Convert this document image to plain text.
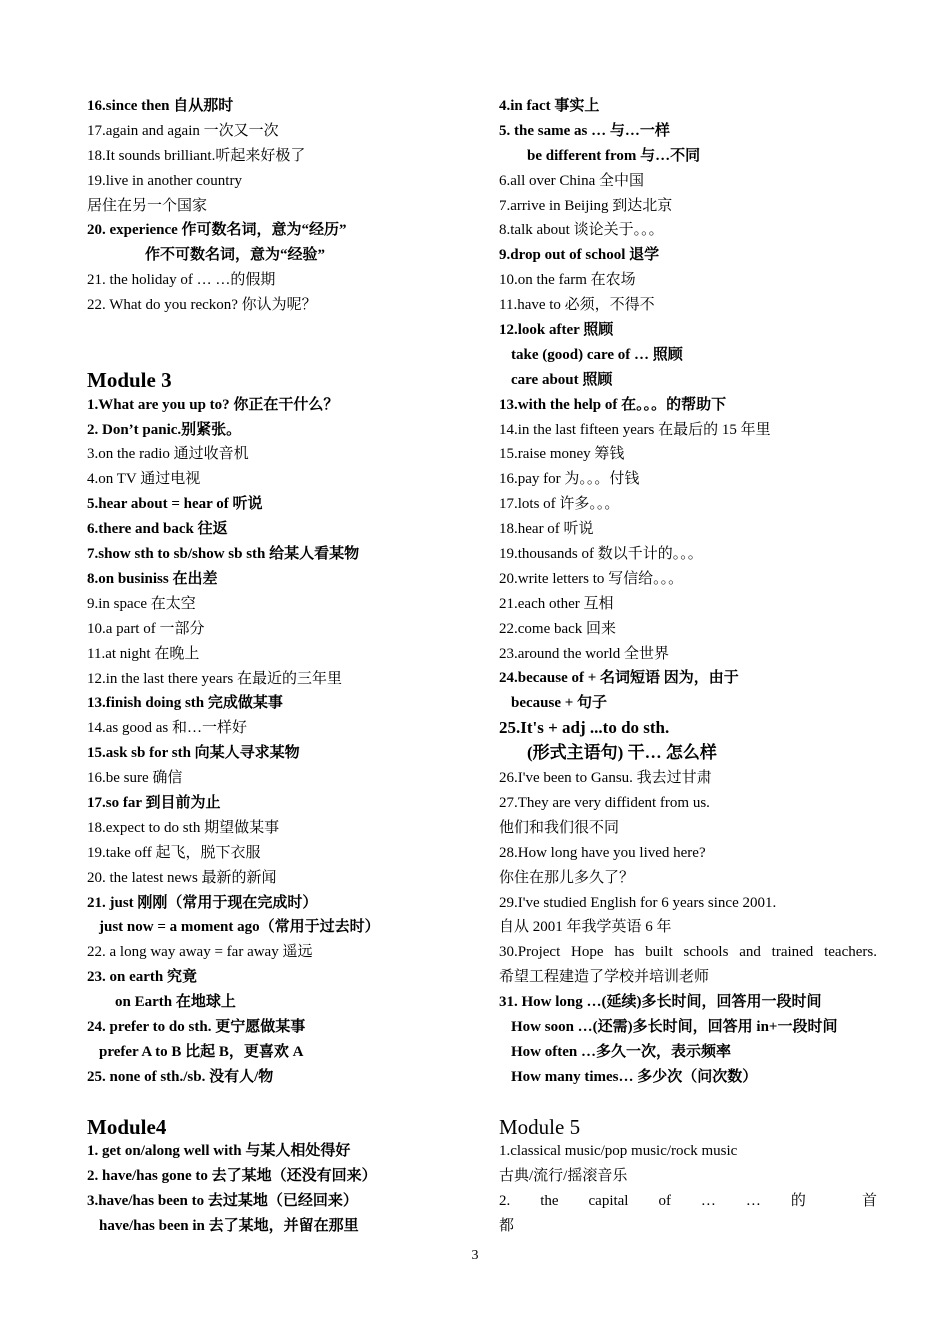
16.since then 自从那时
17.again and again 一次又一次
18.It sounds brilliant.听起来好极了
19.live in another country
居住在另一个国家
20. experience 作可数名词，意为“经历”
作不可数名词，意为“经验”
21. the holiday of … …的假期
22. What do you reckon? 你认为呢？
Module 3
1.What are you up to? 你正在干什么？
2. Don’t panic.别紧张。
3.on the radio 通过收音机
4.on TV 通过电视
5.hear about = hear of 听说
6.there and back 往返
7.show sth to sb/show sb sth 给某人看某物
8.on businiss 在出差
9.in space 在太空
10.a part of 一部分
11.at night 在晚上
12.in the last there years 在最近的三年里
13.finish doing sth 完成做某事
14.as good as 和…一样好
15.ask sb for sth 向某人寻求某物
16.be sure 确信
17.so far 到目前为止
18.expect to do sth 期望做某事
19.take off 起飞，脱下衣服
20. the latest news 最新的新闻
21. just 刚刚（常用于现在完成时）
just now = a moment ago（常用于过去时）
22. a long way away = far away 遥远
23. on earth 究竟
on Earth 在地球上
24. prefer to do sth. 更宁愿做某事
prefer A to B 比起 B，更喜欢 A
25. none of sth./sb. 没有人/物
Module4
1. get on/along well with 与某人相处得好
2. have/has gone to 去了某地（还没有回来）
3.have/has been to 去过某地（已经回来）
have/has been in 去了某地，并留在那里
4.in fact 事实上
5. the same as … 与…一样
be different from 与…不同
6.all over China 全中国
7.arrive in Beijing 到达北京
8.talk about 谈论关于。。。
9.drop out of school 退学
10.on the farm 在农场
11.have to 必须，不得不
12.look after 照顾
take (good) care of … 照顾
care about 照顾
13.with the help of 在。。。的帮助下
14.in the last fifteen years 在最后的 15 年里
15.raise money 筹钱
16.pay for 为。。。付钱
17.lots of 许多。。。
18.hear of 听说
19.thousands of 数以千计的。。。
20.write letters to 写信给。。。
21.each other 互相
22.come back 回来
23.around the world 全世界
24.because of + 名词短语 因为，由于
because + 句子
25.It's + adj ...to do sth.
(形式主语句) 干… 怎么样
26.I've been to Gansu. 我去过甘肃
27.They are very diffident from us.
他们和我们很不同
28.How long have you lived here?
你住在那儿多久了？
29.I've studied English for 6 years since 2001.
自从 2001 年我学英语 6 年
30.Project Hope has built schools and trained teachers.
希望工程建造了学校并培训老师
31. How long …(延续)多长时间，回答用一段时间
How soon …(还需)多长时间，回答用 in+一段时间
How often …多久一次，表示频率
How many times… 多少次（问次数）
Module 5
1.classical music/pop music/rock music
古典/流行/摇滚音乐
2. the capital of … … 的 首
都
3
